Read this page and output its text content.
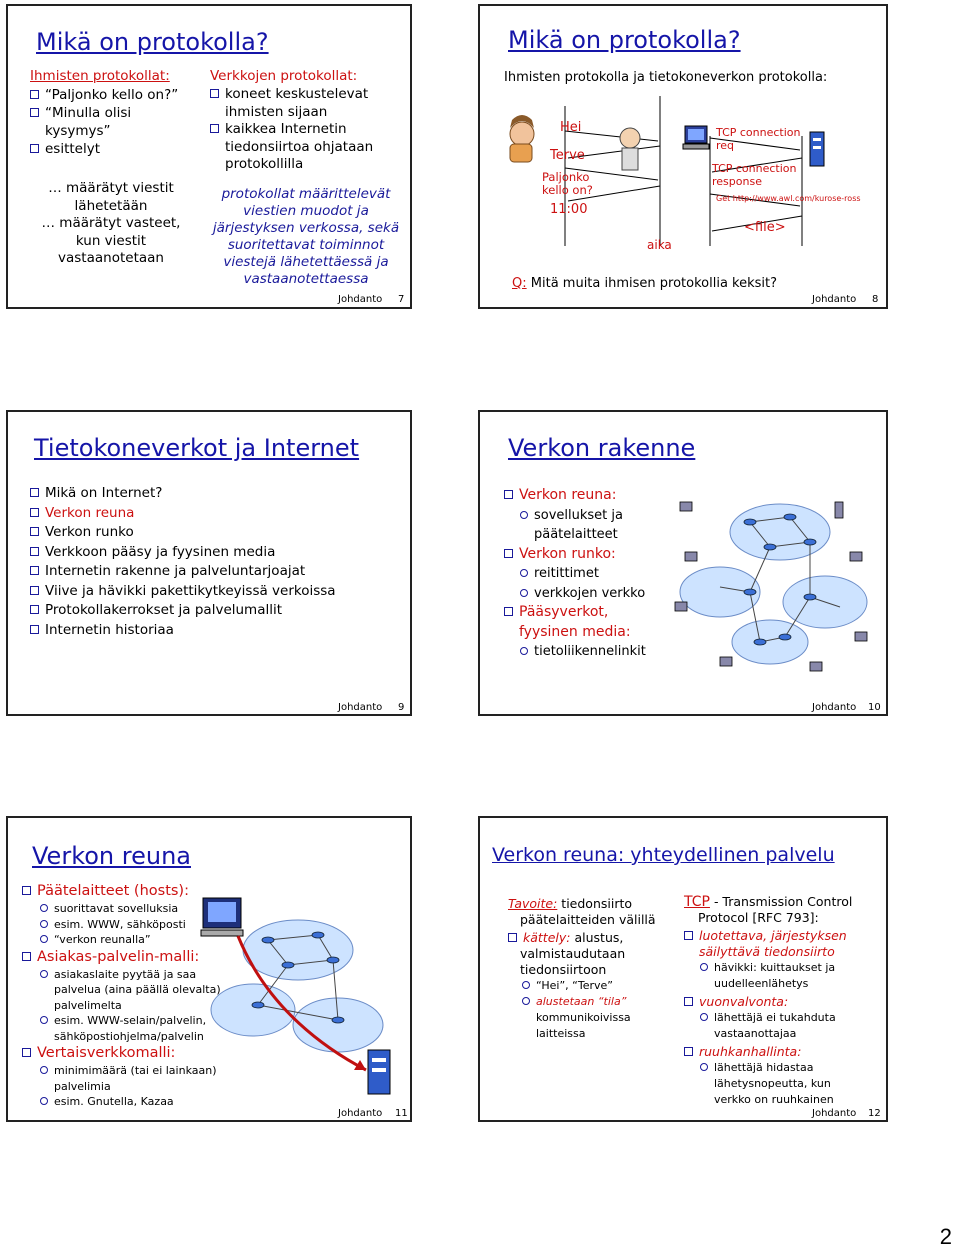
Mikä on protokolla?
Ihmisten protokollat:
“Paljonko kello on?”
“Minulla olisi
kysymys”
esittelyt
… määrätyt viestit
lähetetään
… määrätyt vasteet,
kun viestit
vastaanotetaan
Verkkojen protokollat:
koneet keskustelevat
ihmisten sijaan
kaikkea Internetin
tiedonsiirtoa ohjataan
protokollilla
protokollat määrittelevät
viestien muodot ja
järjestyksen verkossa, sekä
suoritettavat toiminnot
viestejä lähetettäessä ja
vastaanotettaessa
Johdanto 7
Mikä on protokolla?
Ihmisten protokolla ja tietokoneverkon protokolla:
Hei
Terve
Paljonko
kello on?
11:00
aika
TCP connection
req
TCP connection
response
Get http://www.awl.com/kurose-ross
<file>
Q: Mitä muita ihmisen protokollia keksit?
Johdanto 8
Tietokoneverkot ja Internet
Mikä on Internet?
Verkon reuna
Verkon runko
Verkkoon pääsy ja fyysinen media
Internetin rakenne ja palveluntarjoajat
Viive ja hävikki pakettikytkeyissä verkoissa
Protokollakerrokset ja palvelumallit
Internetin historiaa
Johdanto 9
Verkon rakenne
Verkon reuna:
sovellukset ja
päätelaitteet
Verkon runko:
reitittimet
verkkojen verkko
Pääsyverkot,
fyysinen media:
tietoliikennelinkit
Johdanto 10
Verkon reuna
Päätelaitteet (hosts):
suorittavat sovelluksia
esim. WWW, sähköposti
“verkon reunalla”
Asiakas-palvelin-malli:
asiakaslaite pyytää ja saa
palvelua (aina päällä olevalta)
palvelimelta
esim. WWW-selain/palvelin,
sähköpostiohjelma/palvelin
Vertaisverkkomalli:
minimimäärä (tai ei lainkaan)
palvelimia
esim. Gnutella, Kazaa
Johdanto 11
Verkon reuna: yhteydellinen palvelu
Tavoite: tiedonsiirto
päätelaitteiden välillä
kättely: alustus,
valmistaudutaan
tiedonsiirtoon
“Hei”, “Terve”
alustetaan “tila”
kommunikoivissa
laitteissa
TCP - Transmission Control
Protocol [RFC 793]:
luotettava, järjestyksen
säilyttävä tiedonsiirto
hävikki: kuittaukset ja
uudelleenlähetys
vuonvalvonta:
lähettäjä ei tukahduta
vastaanottajaa
ruuhkanhallinta:
lähettäjä hidastaa
lähetysnopeutta, kun
verkko on ruuhkainen
Johdanto 12
2
